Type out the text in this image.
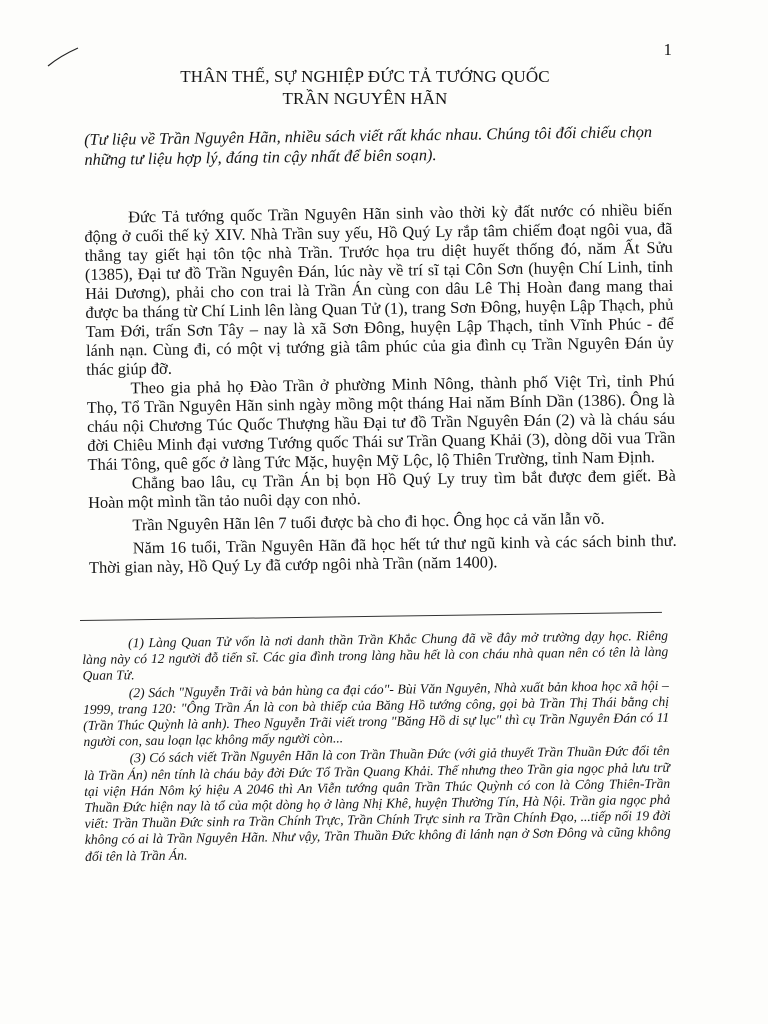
1
THÂN THẾ, SỰ NGHIỆP ĐỨC TẢ TƯỚNG QUỐC
TRẦN NGUYÊN HÃN
(Tư liệu về Trần Nguyên Hãn, nhiều sách viết rất khác nhau. Chúng tôi đối chiếu chọn những tư liệu hợp lý, đáng tin cậy nhất để biên soạn).

Đức Tả tướng quốc Trần Nguyên Hãn sinh vào thời kỳ đất nước có nhiều biến động ở cuối thế kỷ XIV. Nhà Trần suy yếu, Hồ Quý Ly rắp tâm chiếm đoạt ngôi vua, đã thẳng tay giết hại tôn tộc nhà Trần. Trước họa tru diệt huyết thống đó, năm Ất Sửu (1385), Đại tư đồ Trần Nguyên Đán, lúc này về trí sĩ tại Côn Sơn (huyện Chí Linh, tỉnh Hải Dương), phải cho con trai là Trần Án cùng con dâu Lê Thị Hoàn đang mang thai được ba tháng từ Chí Linh lên làng Quan Tử (1), trang Sơn Đông, huyện Lập Thạch, phủ Tam Đới, trấn Sơn Tây – nay là xã Sơn Đông, huyện Lập Thạch, tỉnh Vĩnh Phúc - để lánh nạn. Cùng đi, có một vị tướng già tâm phúc của gia đình cụ Trần Nguyên Đán ủy thác giúp đỡ.

Theo gia phả họ Đào Trần ở phường Minh Nông, thành phố Việt Trì, tỉnh Phú Thọ, Tổ Trần Nguyên Hãn sinh ngày mồng một tháng Hai năm Bính Dần (1386). Ông là cháu nội Chương Túc Quốc Thượng hầu Đại tư đồ Trần Nguyên Đán (2) và là cháu sáu đời Chiêu Minh đại vương Tướng quốc Thái sư Trần Quang Khải (3), dòng dõi vua Trần Thái Tông, quê gốc ở làng Tức Mặc, huyện Mỹ Lộc, lộ Thiên Trường, tỉnh Nam Định.

Chẳng bao lâu, cụ Trần Án bị bọn Hồ Quý Ly truy tìm bắt được đem giết. Bà Hoàn một mình tần tảo nuôi dạy con nhỏ.

Trần Nguyên Hãn lên 7 tuổi được bà cho đi học. Ông học cả văn lẫn võ.

Năm 16 tuổi, Trần Nguyên Hãn đã học hết tứ thư ngũ kinh và các sách binh thư. Thời gian này, Hồ Quý Ly đã cướp ngôi nhà Trần (năm 1400).

(1) Làng Quan Tử vốn là nơi danh thần Trần Khắc Chung đã về đây mở trường dạy học. Riêng làng này có 12 người đỗ tiến sĩ. Các gia đình trong làng hầu hết là con cháu nhà quan nên có tên là làng Quan Tử.

(2) Sách "Nguyễn Trãi và bản hùng ca đại cáo"- Bùi Văn Nguyên, Nhà xuất bản khoa học xã hội – 1999, trang 120: "Ông Trần Án là con bà thiếp của Băng Hồ tướng công, gọi bà Trần Thị Thái bằng chị (Trần Thúc Quỳnh là anh). Theo Nguyễn Trãi viết trong "Băng Hồ di sự lục" thì cụ Trần Nguyên Đán có 11 người con, sau loạn lạc không mấy người còn...

(3) Có sách viết Trần Nguyên Hãn là con Trần Thuần Đức (với giả thuyết Trần Thuần Đức đổi tên là Trần Án) nên tính là cháu bảy đời Đức Tổ Trần Quang Khải. Thế nhưng theo Trần gia ngọc phả lưu trữ tại viện Hán Nôm ký hiệu A 2046 thì An Viễn tướng quân Trần Thúc Quỳnh có con là Công Thiên-Trần Thuần Đức hiện nay là tổ của một dòng họ ở làng Nhị Khê, huyện Thường Tín, Hà Nội. Trần gia ngọc phả viết: Trần Thuần Đức sinh ra Trần Chính Trực, Trần Chính Trực sinh ra Trần Chính Đạo, ...tiếp nối 19 đời không có ai là Trần Nguyên Hãn. Như vậy, Trần Thuần Đức không đi lánh nạn ở Sơn Đông và cũng không đổi tên là Trần Án.
